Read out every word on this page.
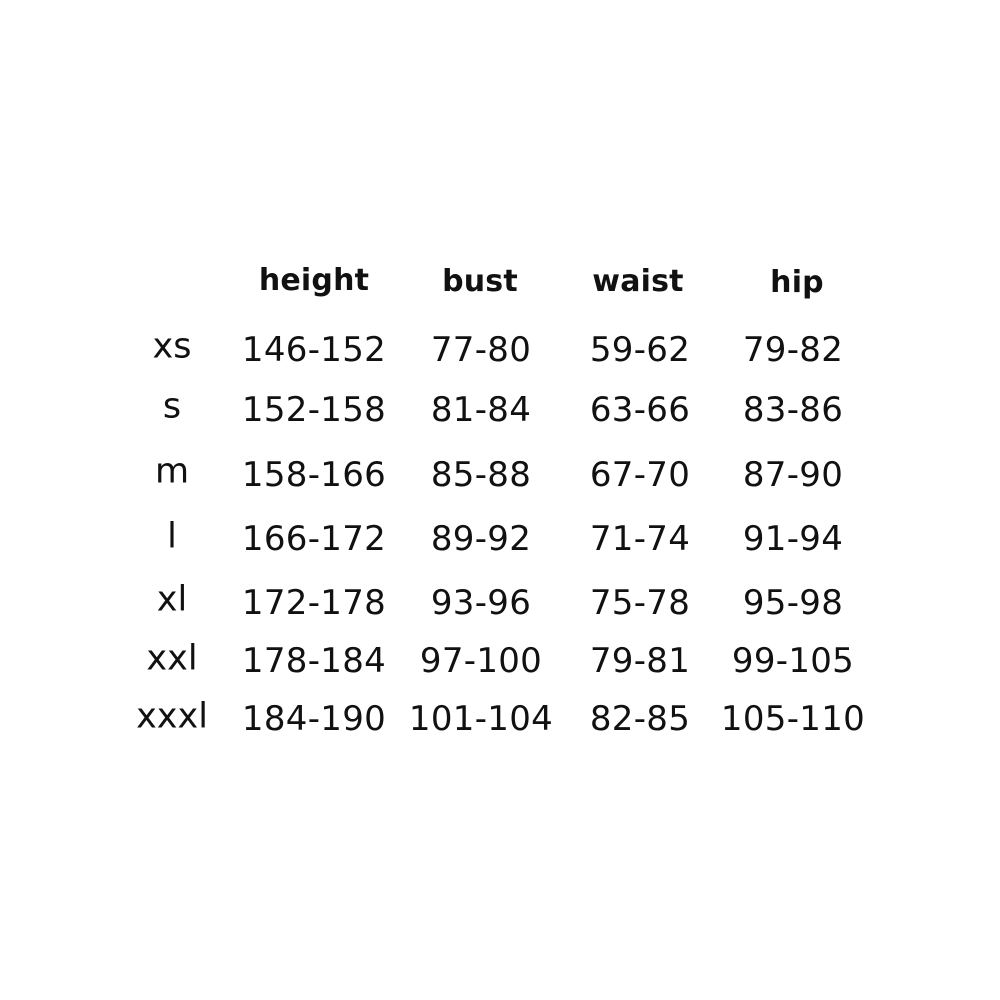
height bust waist	hip
xs 146-152 77-80 59-62 79-82
s 152-158 81-84 63-66 83-86
m 158-166 85-88 67-70 87-90
l 166-172 89-92 71-74 91-94
xl 172-178 93-96 75-78 95-98
xxl 178-184 97-100 79-81 99-105
xxxl 184-190 101-104 82-85 105-110
